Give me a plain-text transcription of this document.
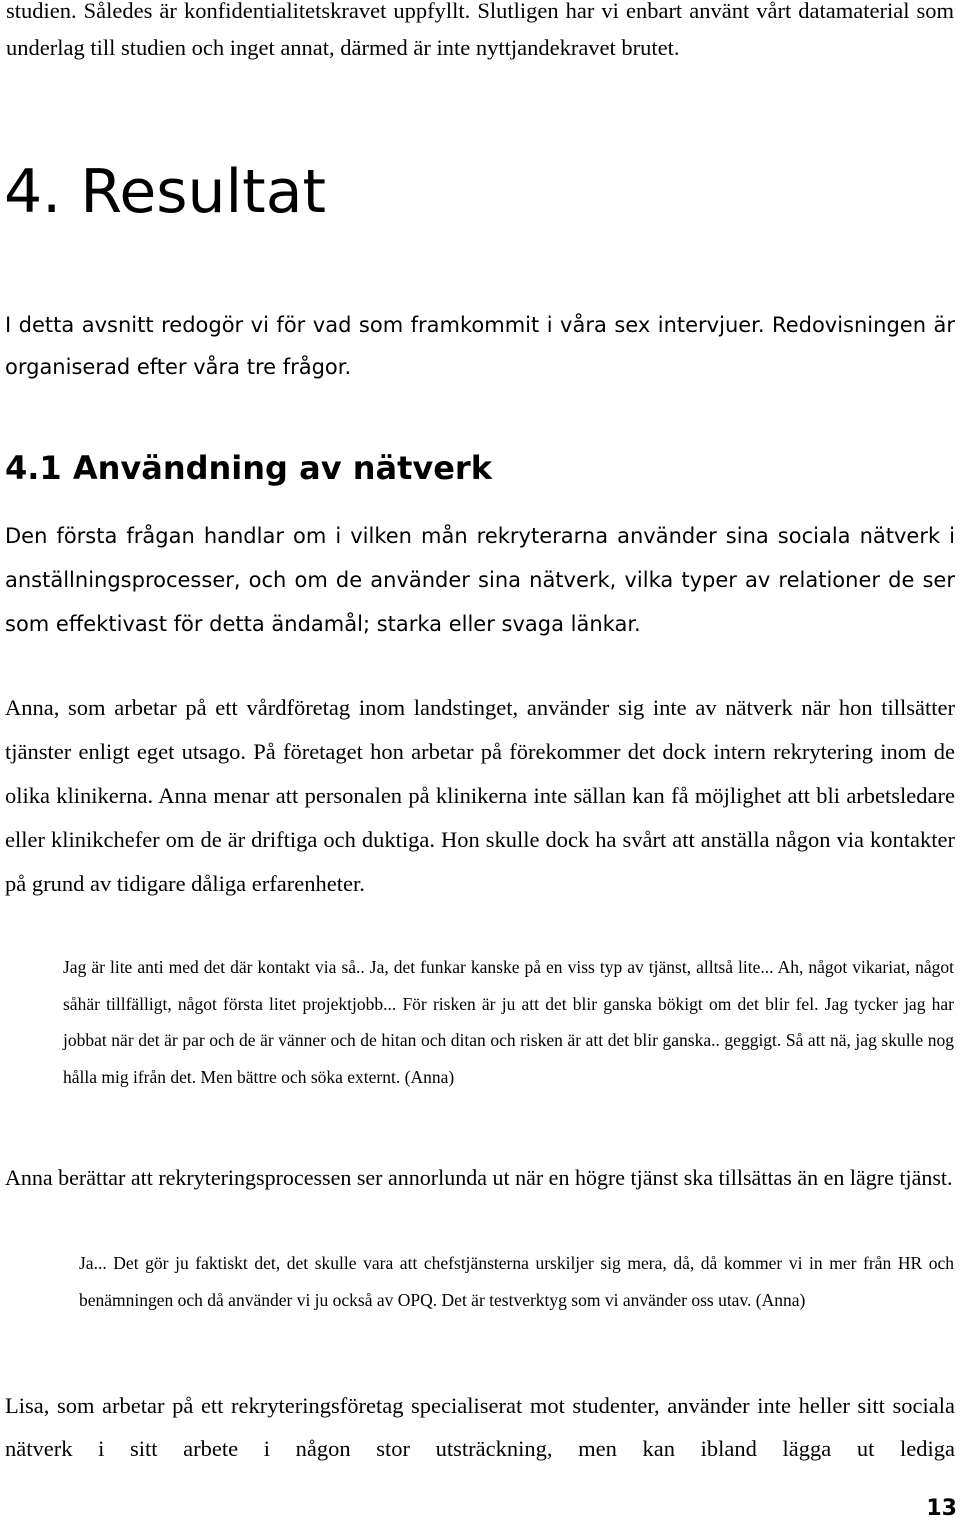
studien. Således är konfidentialitetskravet uppfyllt. Slutligen har vi enbart använt vårt datamaterial som underlag till studien och inget annat, därmed är inte nyttjandekravet brutet.

4. Resultat

I detta avsnitt redogör vi för vad som framkommit i våra sex intervjuer. Redovisningen är organiserad efter våra tre frågor.

4.1 Användning av nätverk

Den första frågan handlar om i vilken mån rekryterarna använder sina sociala nätverk i anställningsprocesser, och om de använder sina nätverk, vilka typer av relationer de ser som effektivast för detta ändamål; starka eller svaga länkar.

Anna, som arbetar på ett vårdföretag inom landstinget, använder sig inte av nätverk när hon tillsätter tjänster enligt eget utsago. På företaget hon arbetar på förekommer det dock intern rekrytering inom de olika klinikerna. Anna menar att personalen på klinikerna inte sällan kan få möjlighet att bli arbetsledare eller klinikchefer om de är driftiga och duktiga. Hon skulle dock ha svårt att anställa någon via kontakter på grund av tidigare dåliga erfarenheter.

Jag är lite anti med det där kontakt via så.. Ja, det funkar kanske på en viss typ av tjänst, alltså lite... Ah, något vikariat, något såhär tillfälligt, något första litet projektjobb... För risken är ju att det blir ganska bökigt om det blir fel. Jag tycker jag har jobbat när det är par och de är vänner och de hitan och ditan och risken är att det blir ganska.. geggigt. Så att nä, jag skulle nog hålla mig ifrån det. Men bättre och söka externt. (Anna)

Anna berättar att rekryteringsprocessen ser annorlunda ut när en högre tjänst ska tillsättas än en lägre tjänst.

Ja... Det gör ju faktiskt det, det skulle vara att chefstjänsterna urskiljer sig mera, då, då kommer vi in mer från HR och benämningen och då använder vi ju också av OPQ. Det är testverktyg som vi använder oss utav. (Anna)

Lisa, som arbetar på ett rekryteringsföretag specialiserat mot studenter, använder inte heller sitt sociala nätverk i sitt arbete i någon stor utsträckning, men kan ibland lägga ut lediga

13
